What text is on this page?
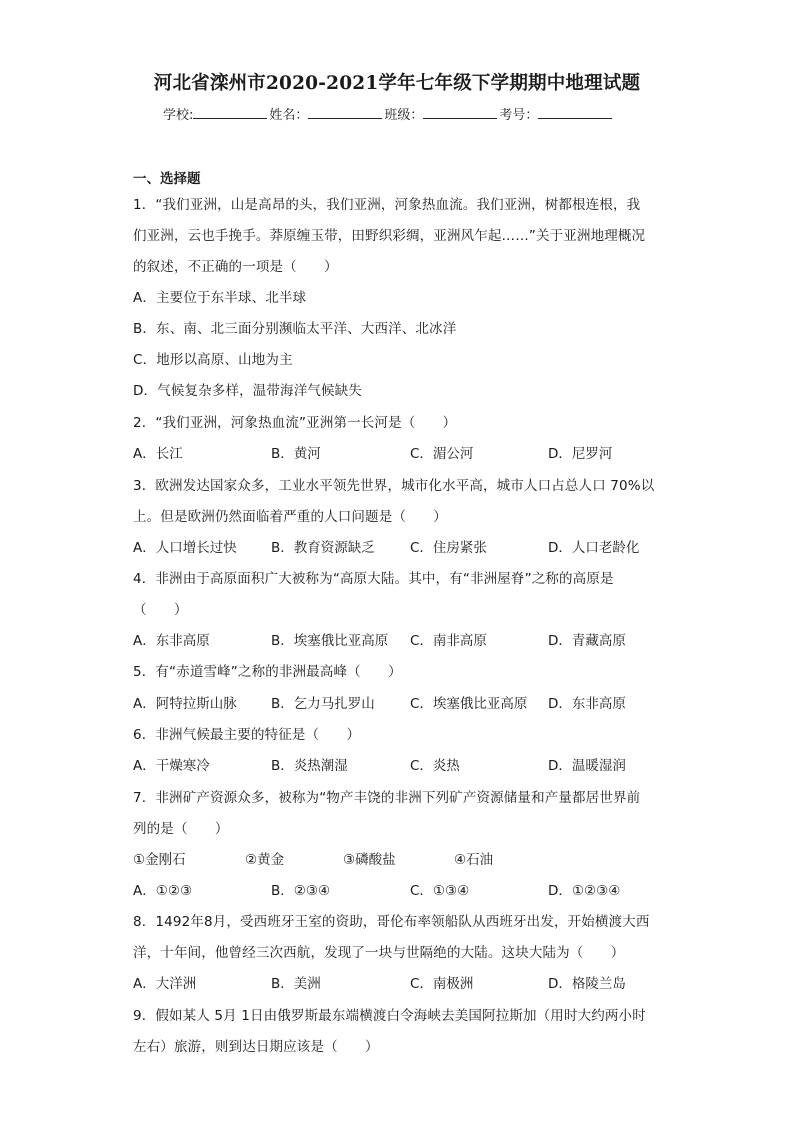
河北省滦州市2020-2021学年七年级下学期期中地理试题
学校:	姓名：	班级：	考号：
一、选择题
1．“我们亚洲，山是高昂的头，我们亚洲，河象热血流。我们亚洲，树都根连根，我
们亚洲，云也手挽手。莽原缠玉带，田野织彩绸，亚洲风乍起……”关于亚洲地理概况
的叙述，不正确的一项是（　　）
A．主要位于东半球、北半球
B．东、南、北三面分别濒临太平洋、大西洋、北冰洋
C．地形以高原、山地为主
D．气候复杂多样，温带海洋气候缺失
2．“我们亚洲，河象热血流”亚洲第一长河是（　　）
A．长江	B．黄河	C．湄公河	D．尼罗河
3．欧洲发达国家众多，工业水平领先世界，城市化水平高，城市人口占总人口 70%以
上。但是欧洲仍然面临着严重的人口问题是（　　）
A．人口增长过快	B．教育资源缺乏	C．住房紧张	D．人口老龄化
4．非洲由于高原面积广大被称为“高原大陆。其中，有“非洲屋脊”之称的高原是
（　　）
A．东非高原	B．埃塞俄比亚高原 C．南非高原	D．青藏高原
5．有“赤道雪峰”之称的非洲最高峰（　　）
A．阿特拉斯山脉	B．乞力马扎罗山	C．埃塞俄比亚高原 D．东非高原
6．非洲气候最主要的特征是（　　）
A．干燥寒冷	B．炎热潮湿	C．炎热	D．温暖湿润
7．非洲矿产资源众多，被称为“物产丰饶的非洲下列矿产资源储量和产量都居世界前
列的是（　　）
①金刚石	②黄金	③磷酸盐	④石油
A．①②③	B．②③④	C．①③④	D．①②③④
8．1492年8月，受西班牙王室的资助，哥伦布率领船队从西班牙出发，开始横渡大西
洋，十年间，他曾经三次西航，发现了一块与世隔绝的大陆。这块大陆为（　　）
A．大洋洲	B．美洲	C．南极洲	D．格陵兰岛
9．假如某人 5月 1日由俄罗斯最东端横渡白令海峡去美国阿拉斯加（用时大约两小时
左右）旅游，则到达日期应该是（　　）
